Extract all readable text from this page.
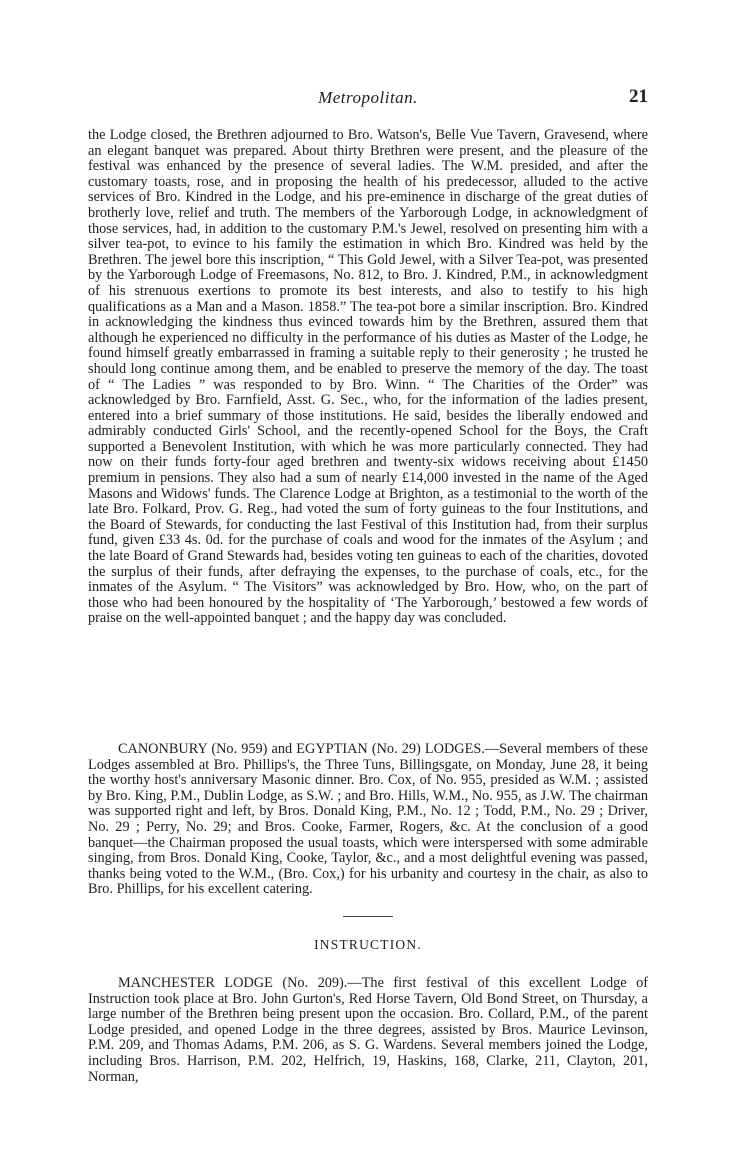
Metropolitan.	21

the Lodge closed, the Brethren adjourned to Bro. Watson's, Belle Vue Tavern, Gravesend, where an elegant banquet was prepared. About thirty Brethren were present, and the pleasure of the festival was enhanced by the presence of several ladies. The W.M. presided, and after the customary toasts, rose, and in proposing the health of his predecessor, alluded to the active services of Bro. Kindred in the Lodge, and his pre-eminence in discharge of the great duties of brotherly love, relief and truth. The members of the Yarborough Lodge, in acknowledgment of those services, had, in addition to the customary P.M.'s Jewel, resolved on presenting him with a silver tea-pot, to evince to his family the estimation in which Bro. Kindred was held by the Brethren. The jewel bore this inscription, “ This Gold Jewel, with a Silver Tea-pot, was presented by the Yarborough Lodge of Freemasons, No. 812, to Bro. J. Kindred, P.M., in acknowledgment of his strenuous exertions to promote its best interests, and also to testify to his high qualifications as a Man and a Mason. 1858.” The tea-pot bore a similar inscription. Bro. Kindred in acknowledging the kindness thus evinced towards him by the Brethren, assured them that although he experienced no difficulty in the performance of his duties as Master of the Lodge, he found himself greatly embarrassed in framing a suitable reply to their generosity ; he trusted he should long continue among them, and be enabled to preserve the memory of the day. The toast of “ The Ladies ” was responded to by Bro. Winn. “ The Charities of the Order” was acknowledged by Bro. Farnfield, Asst. G. Sec., who, for the information of the ladies present, entered into a brief summary of those institutions. He said, besides the liberally endowed and admirably conducted Girls' School, and the recently-opened School for the Boys, the Craft supported a Benevolent Institution, with which he was more particularly connected. They had now on their funds forty-four aged brethren and twenty-six widows receiving about £1450 premium in pensions. They also had a sum of nearly £14,000 invested in the name of the Aged Masons and Widows' funds. The Clarence Lodge at Brighton, as a testimonial to the worth of the late Bro. Folkard, Prov. G. Reg., had voted the sum of forty guineas to the four Institutions, and the Board of Stewards, for conducting the last Festival of this Institution had, from their surplus fund, given £33 4s. 0d. for the purchase of coals and wood for the inmates of the Asylum ; and the late Board of Grand Stewards had, besides voting ten guineas to each of the charities, dovoted the surplus of their funds, after defraying the expenses, to the purchase of coals, etc., for the inmates of the Asylum. “ The Visitors” was acknowledged by Bro. How, who, on the part of those who had been honoured by the hospitality of ‘The Yarborough,’ bestowed a few words of praise on the well-appointed banquet ; and the happy day was concluded.

CANONBURY (No. 959) and EGYPTIAN (No. 29) LODGES.—Several members of these Lodges assembled at Bro. Phillips's, the Three Tuns, Billingsgate, on Monday, June 28, it being the worthy host's anniversary Masonic dinner. Bro. Cox, of No. 955, presided as W.M. ; assisted by Bro. King, P.M., Dublin Lodge, as S.W. ; and Bro. Hills, W.M., No. 955, as J.W. The chairman was supported right and left, by Bros. Donald King, P.M., No. 12 ; Todd, P.M., No. 29 ; Driver, No. 29 ; Perry, No. 29; and Bros. Cooke, Farmer, Rogers, &c. At the conclusion of a good banquet—the Chairman proposed the usual toasts, which were interspersed with some admirable singing, from Bros. Donald King, Cooke, Taylor, &c., and a most delightful evening was passed, thanks being voted to the W.M., (Bro. Cox,) for his urbanity and courtesy in the chair, as also to Bro. Phillips, for his excellent catering.

INSTRUCTION.

MANCHESTER LODGE (No. 209).—The first festival of this excellent Lodge of Instruction took place at Bro. John Gurton's, Red Horse Tavern, Old Bond Street, on Thursday, a large number of the Brethren being present upon the occasion. Bro. Collard, P.M., of the parent Lodge presided, and opened Lodge in the three degrees, assisted by Bros. Maurice Levinson, P.M. 209, and Thomas Adams, P.M. 206, as S. G. Wardens. Several members joined the Lodge, including Bros. Harrison, P.M. 202, Helfrich, 19, Haskins, 168, Clarke, 211, Clayton, 201, Norman,
